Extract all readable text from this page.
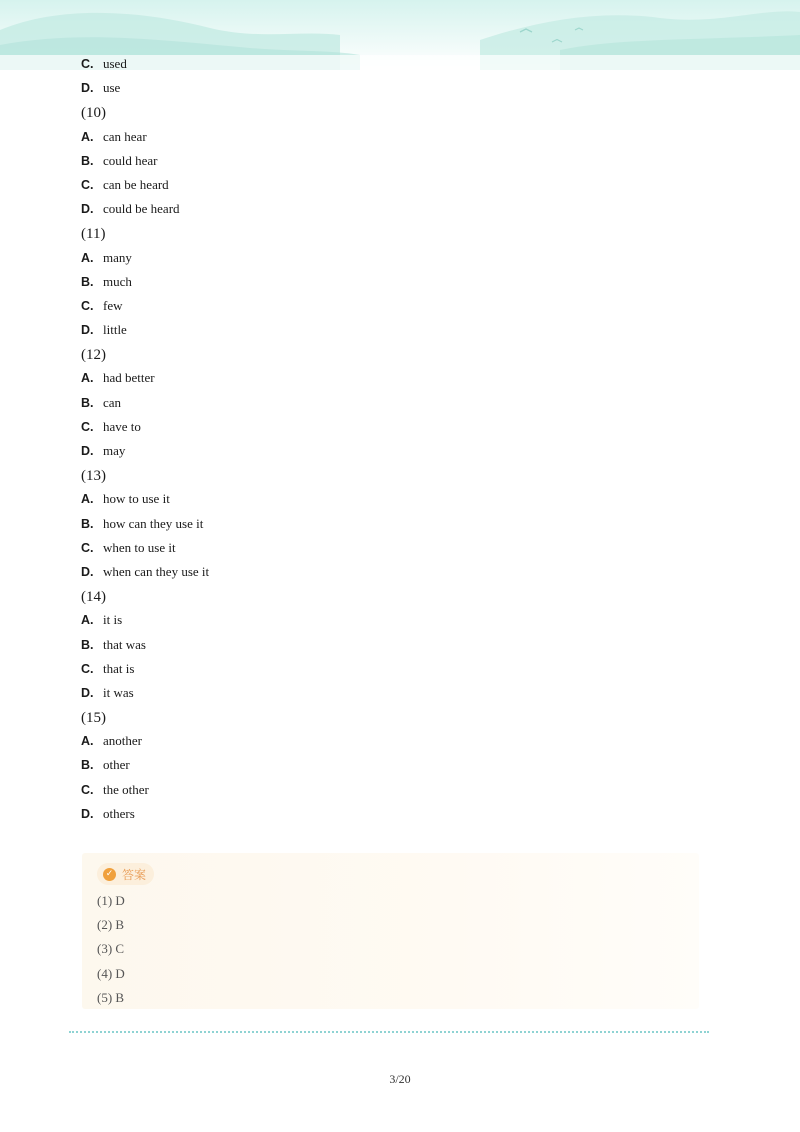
C. used
D. use
(10)
A. can hear
B. could hear
C. can be heard
D. could be heard
(11)
A. many
B. much
C. few
D. little
(12)
A. had better
B. can
C. have to
D. may
(13)
A. how to use it
B. how can they use it
C. when to use it
D. when can they use it
(14)
A. it is
B. that was
C. that is
D. it was
(15)
A. another
B. other
C. the other
D. others
✓ 答案
(1) D
(2) B
(3) C
(4) D
(5) B
3/20
